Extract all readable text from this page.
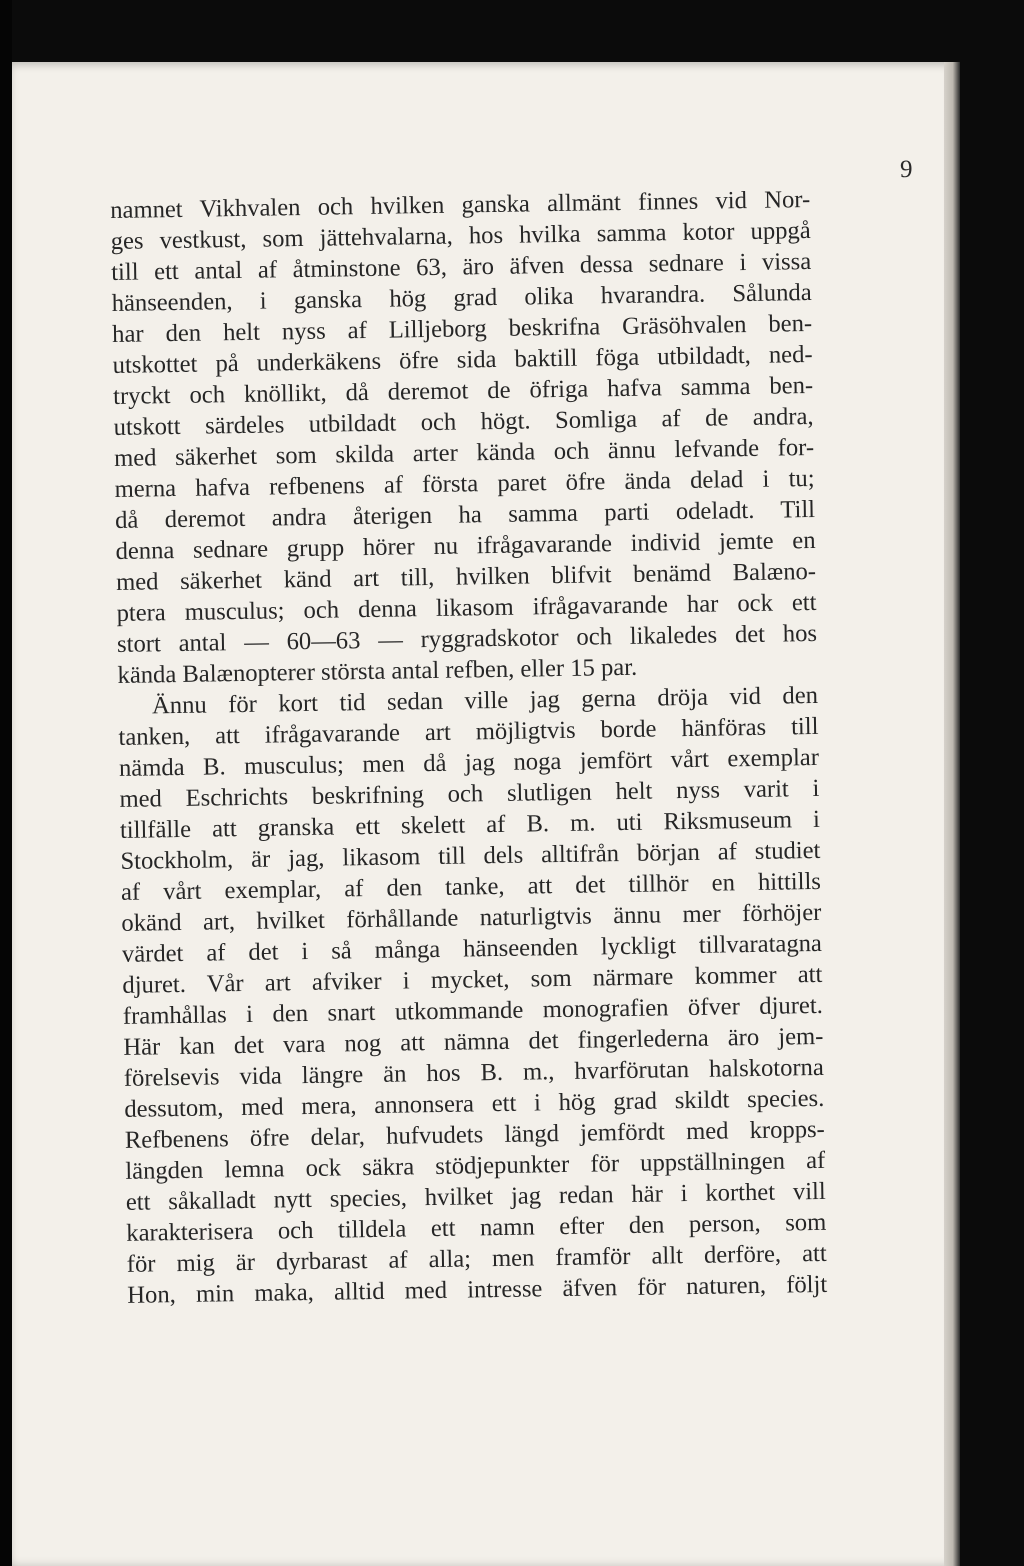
9
namnet Vikhvalen och hvilken ganska allmänt finnes vid Nor-
ges vestkust, som jättehvalarna, hos hvilka samma kotor uppgå
till ett antal af åtminstone 63, äro äfven dessa sednare i vissa
hänseenden, i ganska hög grad olika hvarandra. Sålunda
har den helt nyss af Lilljeborg beskrifna Gräsöhvalen ben-
utskottet på underkäkens öfre sida baktill föga utbildadt, ned-
tryckt och knöllikt, då deremot de öfriga hafva samma ben-
utskott särdeles utbildadt och högt. Somliga af de andra,
med säkerhet som skilda arter kända och ännu lefvande for-
merna hafva refbenens af första paret öfre ända delad i tu;
då deremot andra återigen ha samma parti odeladt. Till
denna sednare grupp hörer nu ifrågavarande individ jemte en
med säkerhet känd art till, hvilken blifvit benämd Balæno-
ptera musculus; och denna likasom ifrågavarande har ock ett
stort antal — 60—63 — ryggradskotor och likaledes det hos
kända Balænopterer största antal refben, eller 15 par.
Ännu för kort tid sedan ville jag gerna dröja vid den
tanken, att ifrågavarande art möjligtvis borde hänföras till
nämda B. musculus; men då jag noga jemfört vårt exemplar
med Eschrichts beskrifning och slutligen helt nyss varit i
tillfälle att granska ett skelett af B. m. uti Riksmuseum i
Stockholm, är jag, likasom till dels alltifrån början af studiet
af vårt exemplar, af den tanke, att det tillhör en hittills
okänd art, hvilket förhållande naturligtvis ännu mer förhöjer
värdet af det i så många hänseenden lyckligt tillvaratagna
djuret. Vår art afviker i mycket, som närmare kommer att
framhållas i den snart utkommande monografien öfver djuret.
Här kan det vara nog att nämna det fingerlederna äro jem-
förelsevis vida längre än hos B. m., hvarförutan halskotorna
dessutom, med mera, annonsera ett i hög grad skildt species.
Refbenens öfre delar, hufvudets längd jemfördt med kropps-
längden lemna ock säkra stödjepunkter för uppställningen af
ett såkalladt nytt species, hvilket jag redan här i korthet vill
karakterisera och tilldela ett namn efter den person, som
för mig är dyrbarast af alla; men framför allt derföre, att
Hon, min maka, alltid med intresse äfven för naturen, följt
